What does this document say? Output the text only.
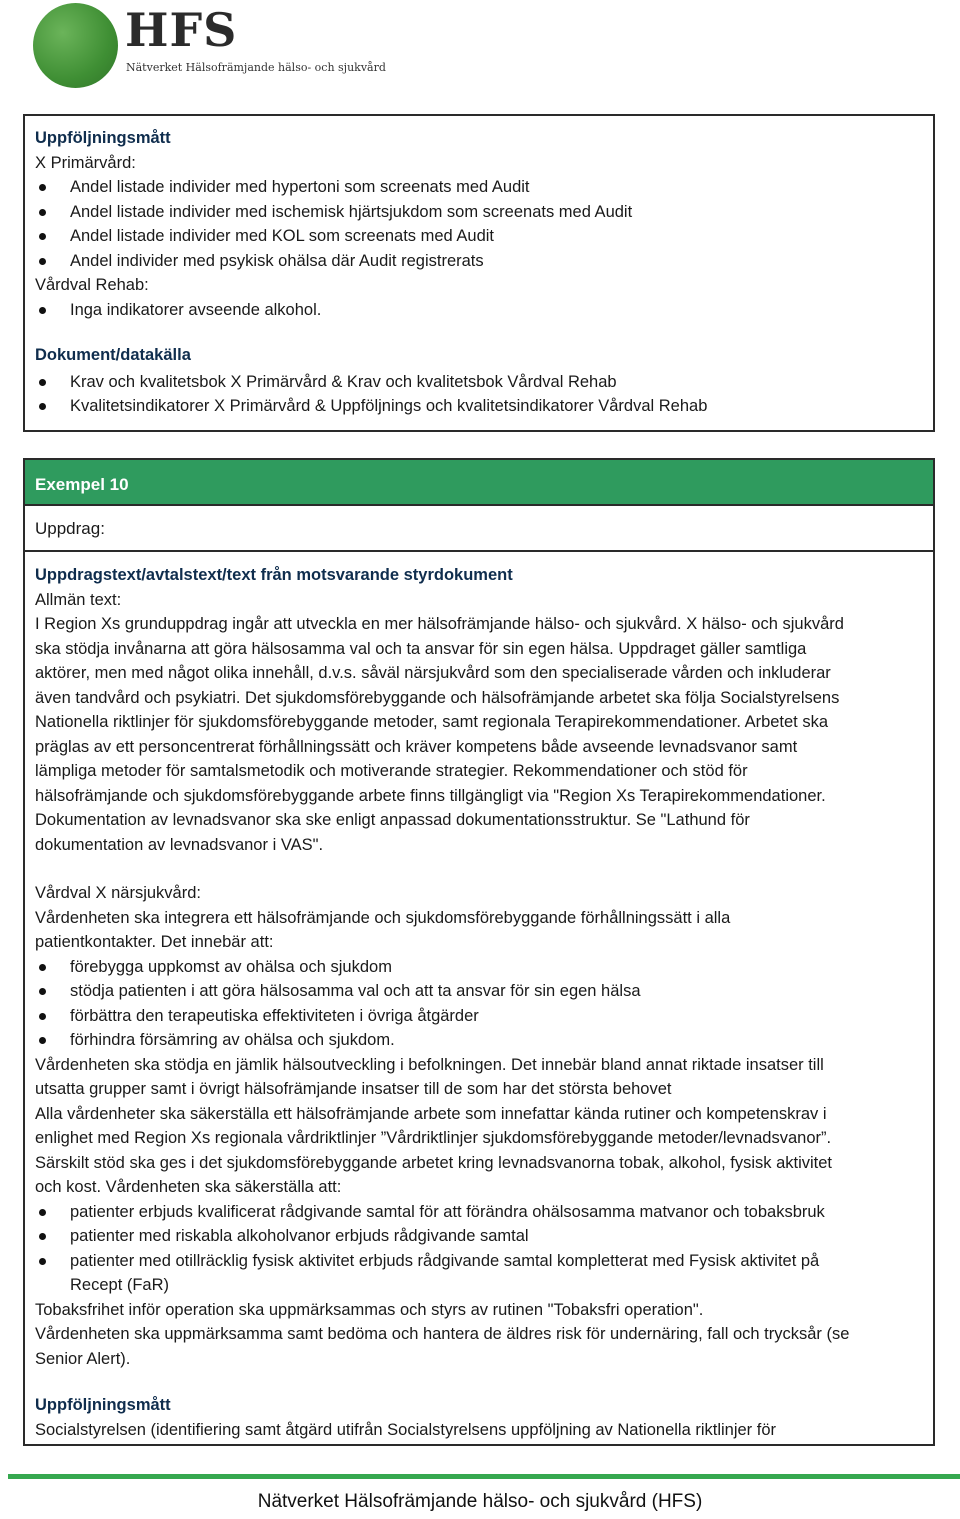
HFS
Nätverket Hälsofrämjande hälso- och sjukvård
Uppföljningsmått
X Primärvård:
Andel listade individer med hypertoni som screenats med Audit
Andel listade individer med ischemisk hjärtsjukdom som screenats med Audit
Andel listade individer med KOL som screenats med Audit
Andel individer med psykisk ohälsa där Audit registrerats
Vårdval Rehab:
Inga indikatorer avseende alkohol.
Dokument/datakälla
Krav och kvalitetsbok X Primärvård & Krav och kvalitetsbok Vårdval Rehab
Kvalitetsindikatorer X Primärvård & Uppföljnings och kvalitetsindikatorer Vårdval Rehab
Exempel 10
Uppdrag:
Uppdragstext/avtalstext/text från motsvarande styrdokument
Allmän text:
I Region Xs grunduppdrag ingår att utveckla en mer hälsofrämjande hälso- och sjukvård. X hälso- och sjukvård
ska stödja invånarna att göra hälsosamma val och ta ansvar för sin egen hälsa. Uppdraget gäller samtliga
aktörer, men med något olika innehåll, d.v.s. såväl närsjukvård som den specialiserade vården och inkluderar
även tandvård och psykiatri. Det sjukdomsförebyggande och hälsofrämjande arbetet ska följa Socialstyrelsens
Nationella riktlinjer för sjukdomsförebyggande metoder, samt regionala Terapirekommendationer. Arbetet ska
präglas av ett personcentrerat förhållningssätt och kräver kompetens både avseende levnadsvanor samt
lämpliga metoder för samtalsmetodik och motiverande strategier. Rekommendationer och stöd för
hälsofrämjande och sjukdomsförebyggande arbete finns tillgängligt via "Region Xs Terapirekommendationer.
Dokumentation av levnadsvanor ska ske enligt anpassad dokumentationsstruktur. Se "Lathund för
dokumentation av levnadsvanor i VAS".
Vårdval X närsjukvård:
Vårdenheten ska integrera ett hälsofrämjande och sjukdomsförebyggande förhållningssätt i alla
patientkontakter. Det innebär att:
förebygga uppkomst av ohälsa och sjukdom
stödja patienten i att göra hälsosamma val och att ta ansvar för sin egen hälsa
förbättra den terapeutiska effektiviteten i övriga åtgärder
förhindra försämring av ohälsa och sjukdom.
Vårdenheten ska stödja en jämlik hälsoutveckling i befolkningen. Det innebär bland annat riktade insatser till
utsatta grupper samt i övrigt hälsofrämjande insatser till de som har det största behovet
Alla vårdenheter ska säkerställa ett hälsofrämjande arbete som innefattar kända rutiner och kompetenskrav i
enlighet med Region Xs regionala vårdriktlinjer ”Vårdriktlinjer sjukdomsförebyggande metoder/levnadsvanor”.
Särskilt stöd ska ges i det sjukdomsförebyggande arbetet kring levnadsvanorna tobak, alkohol, fysisk aktivitet
och kost. Vårdenheten ska säkerställa att:
patienter erbjuds kvalificerat rådgivande samtal för att förändra ohälsosamma matvanor och tobaksbruk
patienter med riskabla alkoholvanor erbjuds rådgivande samtal
patienter med otillräcklig fysisk aktivitet erbjuds rådgivande samtal kompletterat med Fysisk aktivitet på
Recept (FaR)
Tobaksfrihet inför operation ska uppmärksammas och styrs av rutinen "Tobaksfri operation".
Vårdenheten ska uppmärksamma samt bedöma och hantera de äldres risk för undernäring, fall och trycksår (se
Senior Alert).
Uppföljningsmått
Socialstyrelsen (identifiering samt åtgärd utifrån Socialstyrelsens uppföljning av Nationella riktlinjer för
Nätverket Hälsofrämjande hälso- och sjukvård (HFS)
